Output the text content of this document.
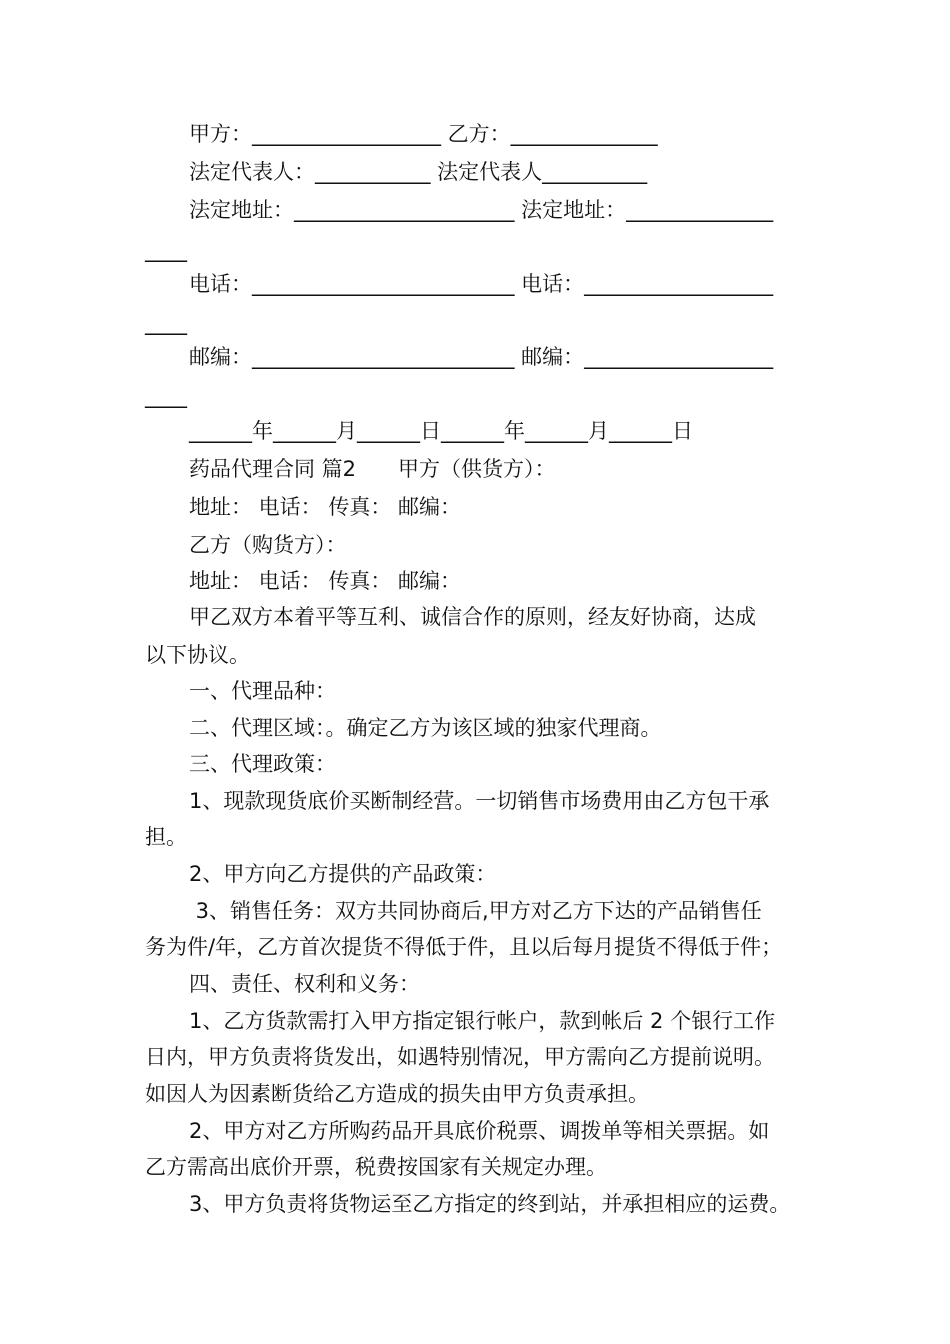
甲方：__________________ 乙方：______________
法定代表人：___________ 法定代表人__________
法定地址：_____________________ 法定地址：______________
____
电话：_________________________ 电话：__________________
____
邮编：_________________________ 邮编：__________________
____
______年______月______日______年______月______日
药品代理合同 篇2　　甲方（供货方）：
地址： 电话： 传真： 邮编：
乙方（购货方）：
地址： 电话： 传真： 邮编：
甲乙双方本着平等互利、诚信合作的原则，经友好协商，达成
以下协议。
一、代理品种：
二、代理区域：。确定乙方为该区域的独家代理商。
三、代理政策：
1、现款现货底价买断制经营。一切销售市场费用由乙方包干承
担。
2、甲方向乙方提供的产品政策：
3、销售任务：双方共同协商后,甲方对乙方下达的产品销售任
务为件/年，乙方首次提货不得低于件，且以后每月提货不得低于件；
四、责任、权利和义务：
1、乙方货款需打入甲方指定银行帐户，款到帐后 2 个银行工作
日内，甲方负责将货发出，如遇特别情况，甲方需向乙方提前说明。
如因人为因素断货给乙方造成的损失由甲方负责承担。
2、甲方对乙方所购药品开具底价税票、调拨单等相关票据。如
乙方需高出底价开票，税费按国家有关规定办理。
3、甲方负责将货物运至乙方指定的终到站，并承担相应的运费。
